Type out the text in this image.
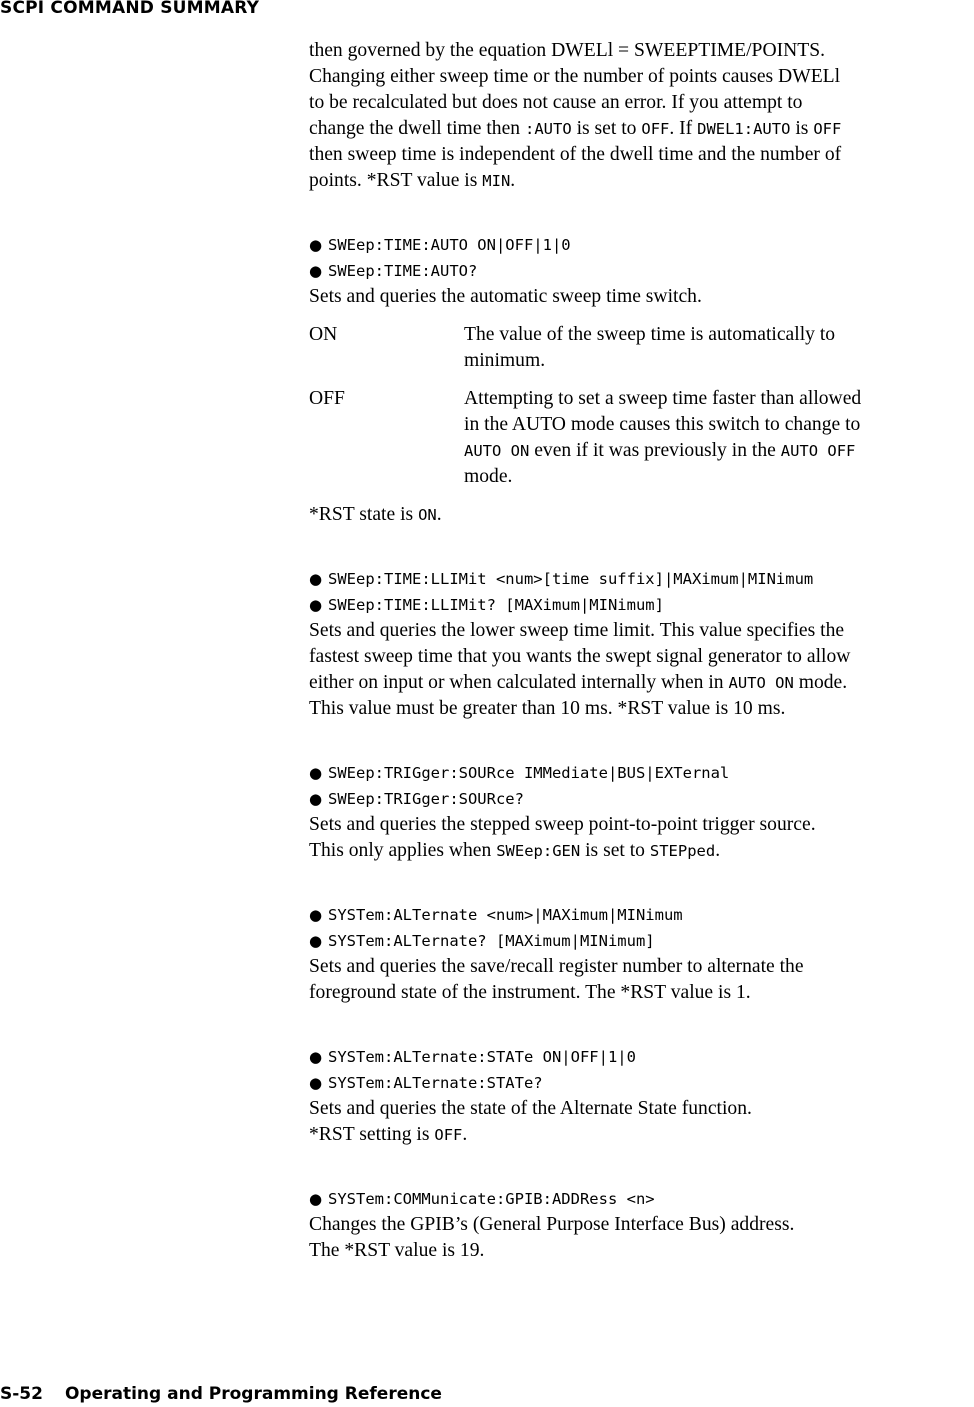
SCPI COMMAND SUMMARY

then governed by the equation DWELl = SWEEPTIME/POINTS.

Changing either sweep time or the number of points causes DWELl

to be recalculated but does not cause an error. If you attempt to

change the dwell time then :AUTO is set to OFF. If DWEL1:AUTO is OFF

then sweep time is independent of the dwell time and the number of

points. *RST value is MIN.

● SWEep:TIME:AUTO ON|OFF|1|0
● SWEep:TIME:AUTO?

Sets and queries the automatic sweep time switch.

ON	The value of the sweep time is automatically to

minimum.

OFF	Attempting to set a sweep time faster than allowed

in the AUTO mode causes this switch to change to

AUTO ON even if it was previously in the AUTO OFF

mode.

*RST state is ON.

● SWEep:TIME:LLIMit <num>[time suffix]|MAXimum|MINimum
● SWEep:TIME:LLIMit? [MAXimum|MINimum]

Sets and queries the lower sweep time limit. This value specifies the

fastest sweep time that you wants the swept signal generator to allow

either on input or when calculated internally when in AUTO ON mode.

This value must be greater than 10 ms. *RST value is 10 ms.

● SWEep:TRIGger:SOURce IMMediate|BUS|EXTernal
● SWEep:TRIGger:SOURce?

Sets and queries the stepped sweep point-to-point trigger source.

This only applies when SWEep:GEN is set to STEPped.

● SYSTem:ALTernate <num>|MAXimum|MINimum
● SYSTem:ALTernate? [MAXimum|MINimum]

Sets and queries the save/recall register number to alternate the

foreground state of the instrument. The *RST value is 1.

● SYSTem:ALTernate:STATe ON|OFF|1|0
● SYSTem:ALTernate:STATe?

Sets and queries the state of the Alternate State function.

*RST setting is OFF.

● SYSTem:COMMunicate:GPIB:ADDRess <n>

Changes the GPIB’s (General Purpose Interface Bus) address.

The *RST value is 19.

S-52 Operating and Programming Reference
